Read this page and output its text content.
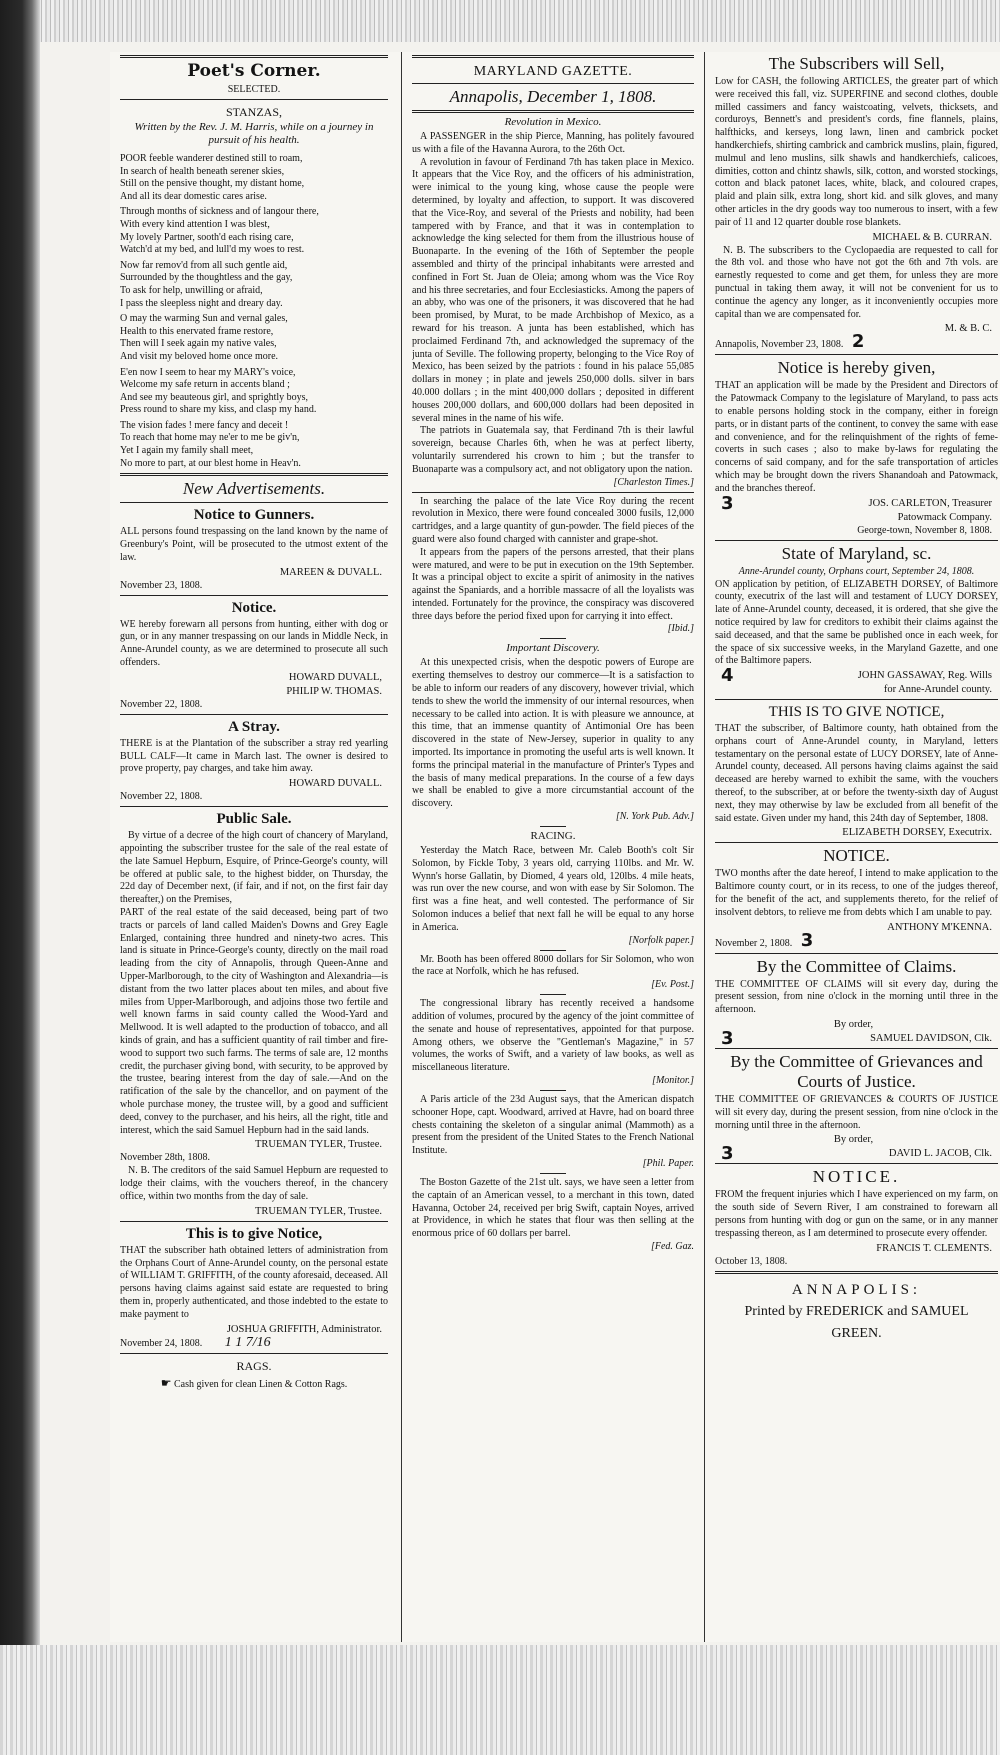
Poet's Corner.
SELECTED.
STANZAS,
Written by the Rev. J. M. Harris, while on a journey in pursuit of his health.
POOR feeble wanderer destined still to roam,
In search of health beneath serener skies,
Still on the pensive thought, my distant home,
And all its dear domestic cares arise.
Through months of sickness and of langour there,
With every kind attention I was blest,
My lovely Partner, sooth'd each rising care,
Watch'd at my bed, and lull'd my woes to rest.
Now far remov'd from all such gentle aid,
Surrounded by the thoughtless and the gay,
To ask for help, unwilling or afraid,
I pass the sleepless night and dreary day.
O may the warming Sun and vernal gales,
Health to this enervated frame restore,
Then will I seek again my native vales,
And visit my beloved home once more.
E'en now I seem to hear my MARY's voice,
Welcome my safe return in accents bland ;
And see my beauteous girl, and sprightly boys,
Press round to share my kiss, and clasp my hand.
The vision fades ! mere fancy and deceit !
To reach that home may ne'er to me be giv'n,
Yet I again my family shall meet,
No more to part, at our blest home in Heav'n.
New Advertisements.
Notice to Gunners.

ALL persons found trespassing on the land known by the name of Greenbury's Point, will be prosecuted to the utmost extent of the law.

MAREEN & DUVALL.
November 23, 1808.
Notice.

WE hereby forewarn all persons from hunting, either with dog or gun, or in any manner trespassing on our lands in Middle Neck, in Anne-Arundel county, as we are determined to prosecute all such offenders.

HOWARD DUVALL,
PHILIP W. THOMAS.
November 22, 1808.
A Stray.

THERE is at the Plantation of the subscriber a stray red yearling BULL CALF—It came in March last. The owner is desired to prove property, pay charges, and take him away.

HOWARD DUVALL.
November 22, 1808.
Public Sale.

By virtue of a decree of the high court of chancery of Maryland, appointing the subscriber trustee for the sale of the real estate of the late Samuel Hepburn, Esquire, of Prince-George's county, will be offered at public sale, to the highest bidder, on Thursday, the 22d day of December next, (if fair, and if not, on the first fair day thereafter,) on the Premises,

PART of the real estate of the said deceased, being part of two tracts or parcels of land called Maiden's Downs and Grey Eagle Enlarged, containing three hundred and ninety-two acres. This land is situate in Prince-George's county, directly on the mail road leading from the city of Annapolis, through Queen-Anne and Upper-Marlborough, to the city of Washington and Alexandria—is distant from the two latter places about ten miles, and about five miles from Upper-Marlborough, and adjoins those two fertile and well known farms in said county called the Wood-Yard and Mellwood. It is well adapted to the production of tobacco, and all kinds of grain, and has a sufficient quantity of rail timber and fire-wood to support two such farms. The terms of sale are, 12 months credit, the purchaser giving bond, with security, to be approved by the trustee, bearing interest from the day of sale.—And on the ratification of the sale by the chancellor, and on payment of the whole purchase money, the trustee will, by a good and sufficient deed, convey to the purchaser, and his heirs, all the right, title and interest, which the said Samuel Hepburn had in the said lands.

TRUEMAN TYLER, Trustee.
November 28th, 1808.

N. B. The creditors of the said Samuel Hepburn are requested to lodge their claims, with the vouchers thereof, in the chancery office, within two months from the day of sale.

TRUEMAN TYLER, Trustee.
This is to give Notice,

THAT the subscriber hath obtained letters of administration from the Orphans Court of Anne-Arundel county, on the personal estate of WILLIAM T. GRIFFITH, of the county aforesaid, deceased. All persons having claims against said estate are requested to bring them in, properly authenticated, and those indebted to the estate to make payment to

JOSHUA GRIFFITH, Administrator.
November 24, 1808. 1 1 7/16
RAGS.
☛ Cash given for clean Linen & Cotton Rags.
MARYLAND GAZETTE.
Annapolis, December 1, 1808.
Revolution in Mexico.

A PASSENGER in the ship Pierce, Manning, has politely favoured us with a file of the Havanna Aurora, to the 26th Oct.

A revolution in favour of Ferdinand 7th has taken place in Mexico. It appears that the Vice Roy, and the officers of his administration, were inimical to the young king, whose cause the people were determined, by loyalty and affection, to support. It was discovered that the Vice-Roy, and several of the Priests and nobility, had been tampered with by France, and that it was in contemplation to acknowledge the king selected for them from the illustrious house of Buonaparte. In the evening of the 16th of September the people assembled and thirty of the principal inhabitants were arrested and confined in Fort St. Juan de Oleia; among whom was the Vice Roy and his three secretaries, and four Ecclesiasticks. Among the papers of an abby, who was one of the prisoners, it was discovered that he had been promised, by Murat, to be made Archbishop of Mexico, as a reward for his treason. A junta has been established, which has proclaimed Ferdinand 7th, and acknowledged the supremacy of the junta of Seville. The following property, belonging to the Vice Roy of Mexico, has been seized by the patriots : found in his palace 55,085 dollars in money ; in plate and jewels 250,000 dolls. silver in bars 40.000 dollars ; in the mint 400,000 dollars ; deposited in different houses 200,000 dollars, and 600,000 dollars had been deposited in several mines in the name of his wife.

The patriots in Guatemala say, that Ferdinand 7th is their lawful sovereign, because Charles 6th, when he was at perfect liberty, voluntarily surrendered his crown to him ; but the transfer to Buonaparte was a compulsory act, and not obligatory upon the nation.

[Charleston Times.]

In searching the palace of the late Vice Roy during the recent revolution in Mexico, there were found concealed 3000 fusils, 12,000 cartridges, and a large quantity of gun-powder. The field pieces of the guard were also found charged with cannister and grape-shot.

It appears from the papers of the persons arrested, that their plans were matured, and were to be put in execution on the 19th September. It was a principal object to excite a spirit of animosity in the natives against the Spaniards, and a horrible massacre of all the loyalists was intended. Fortunately for the province, the conspiracy was discovered three days before the period fixed upon for carrying it into effect.

[Ibid.]
Important Discovery.

At this unexpected crisis, when the despotic powers of Europe are exerting themselves to destroy our commerce—It is a satisfaction to be able to inform our readers of any discovery, however trivial, which tends to shew the world the immensity of our internal resources, when necessary to be called into action. It is with pleasure we announce, at this time, that an immense quantity of Antimonial Ore has been discovered in the state of New-Jersey, superior in quality to any imported. Its importance in promoting the useful arts is well known. It forms the principal material in the manufacture of Printer's Types and the basis of many medical preparations. In the course of a few days we shall be enabled to give a more circumstantial account of the discovery.

[N. York Pub. Adv.]
RACING.

Yesterday the Match Race, between Mr. Caleb Booth's colt Sir Solomon, by Fickle Toby, 3 years old, carrying 110lbs. and Mr. W. Wynn's horse Gallatin, by Diomed, 4 years old, 120lbs. 4 mile heats, was run over the new course, and won with ease by Sir Solomon. The first was a fine heat, and well contested. The performance of Sir Solomon induces a belief that next fall he will be equal to any horse in America.

[Norfolk paper.]

Mr. Booth has been offered 8000 dollars for Sir Solomon, who won the race at Norfolk, which he has refused.

[Ev. Post.]

The congressional library has recently received a handsome addition of volumes, procured by the agency of the joint committee of the senate and house of representatives, appointed for that purpose. Among others, we observe the "Gentleman's Magazine," in 57 volumes, the works of Swift, and a variety of law books, as well as miscellaneous literature.

[Monitor.]

A Paris article of the 23d August says, that the American dispatch schooner Hope, capt. Woodward, arrived at Havre, had on board three chests containing the skeleton of a singular animal (Mammoth) as a present from the president of the United States to the French National Institute.

[Phil. Paper.

The Boston Gazette of the 21st ult. says, we have seen a letter from the captain of an American vessel, to a merchant in this town, dated Havanna, October 24, received per brig Swift, captain Noyes, arrived at Providence, in which he states that flour was then selling at the enormous price of 60 dollars per barrel.

[Fed. Gaz.
The Subscribers will Sell,

Low for CASH, the following ARTICLES, the greater part of which were received this fall, viz. SUPERFINE and second clothes, double milled cassimers and fancy waistcoating, velvets, thicksets, and corduroys, Bennett's and president's cords, fine flannels, plains, halfthicks, and kerseys, long lawn, linen and cambrick pocket handkerchiefs, shirting cambrick and cambrick muslins, plain, figured, mulmul and leno muslins, silk shawls and handkerchiefs, calicoes, dimities, cotton and chintz shawls, silk, cotton, and worsted stockings, cotton and black patonet laces, white, black, and coloured crapes, plaid and plain silk, extra long, short kid. and silk gloves, and many other articles in the dry goods way too numerous to insert, with a few pair of 11 and 12 quarter double rose blankets.

MICHAEL & B. CURRAN.

N. B. The subscribers to the Cyclopaedia are requested to call for the 8th vol. and those who have not got the 6th and 7th vols. are earnestly requested to come and get them, for unless they are more punctual in taking them away, it will not be convenient for us to continue the agency any longer, as it inconveniently occupies more capital than we are compensated for.

M. & B. C.
Annapolis, November 23, 1808. 2
Notice is hereby given,

THAT an application will be made by the President and Directors of the Patowmack Company to the legislature of Maryland, to pass acts to enable persons holding stock in the company, either in foreign parts, or in distant parts of the continent, to convey the same with ease and convenience, and for the relinquishment of the rights of feme-coverts in such cases ; also to make by-laws for regulating the concerns of said company, and for the safe transportation of articles which may be brought down the rivers Shanandoah and Patowmack, and the branches thereof.

3	JOS. CARLETON, Treasurer
Patowmack Company.
George-town, November 8, 1808.
State of Maryland, sc.
Anne-Arundel county, Orphans court, September 24, 1808.

ON application by petition, of ELIZABETH DORSEY, of Baltimore county, executrix of the last will and testament of LUCY DORSEY, late of Anne-Arundel county, deceased, it is ordered, that she give the notice required by law for creditors to exhibit their claims against the said deceased, and that the same be published once in each week, for the space of six successive weeks, in the Maryland Gazette, and one of the Baltimore papers.

4	JOHN GASSAWAY, Reg. Wills
for Anne-Arundel county.
THIS IS TO GIVE NOTICE,

THAT the subscriber, of Baltimore county, hath obtained from the orphans court of Anne-Arundel county, in Maryland, letters testamentary on the personal estate of LUCY DORSEY, late of Anne-Arundel county, deceased. All persons having claims against the said deceased are hereby warned to exhibit the same, with the vouchers thereof, to the subscriber, at or before the twenty-sixth day of August next, they may otherwise by law be excluded from all benefit of the said estate. Given under my hand, this 24th day of September, 1808.

ELIZABETH DORSEY, Executrix.
NOTICE.

TWO months after the date hereof, I intend to make application to the Baltimore county court, or in its recess, to one of the judges thereof, for the benefit of the act, and supplements thereto, for the relief of insolvent debtors, to relieve me from debts which I am unable to pay.

ANTHONY M'KENNA.
November 2, 1808. 3
By the Committee of Claims.

THE COMMITTEE OF CLAIMS will sit every day, during the present session, from nine o'clock in the morning until three in the afternoon.

By order,
3	SAMUEL DAVIDSON, Clk.
By the Committee of Grievances and Courts of Justice.

THE COMMITTEE OF GRIEVANCES & COURTS OF JUSTICE will sit every day, during the present session, from nine o'clock in the morning until three in the afternoon.

By order,
3	DAVID L. JACOB, Clk.
NOTICE.

FROM the frequent injuries which I have experienced on my farm, on the south side of Severn River, I am constrained to forewarn all persons from hunting with dog or gun on the same, or in any manner trespassing thereon, as I am determined to prosecute every offender.

FRANCIS T. CLEMENTS.
October 13, 1808.
ANNAPOLIS:
Printed by FREDERICK and SAMUEL
GREEN.
